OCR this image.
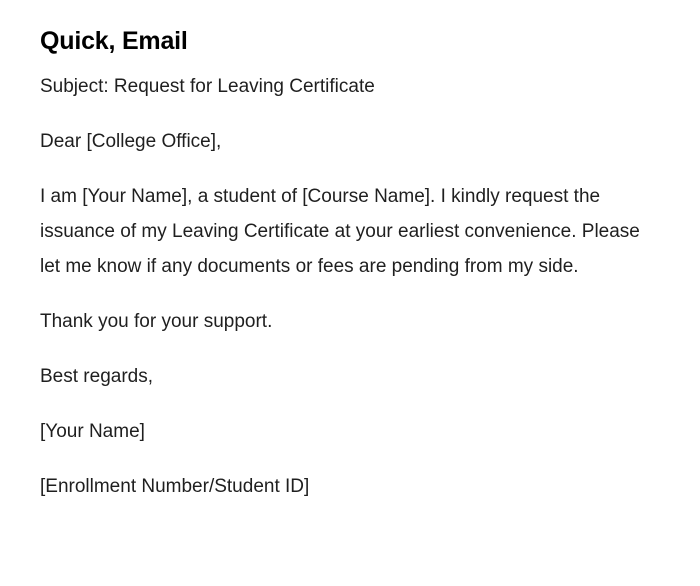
Quick, Email

Subject: Request for Leaving Certificate

Dear [College Office],

I am [Your Name], a student of [Course Name]. I kindly request the issuance of my Leaving Certificate at your earliest convenience. Please let me know if any documents or fees are pending from my side.

Thank you for your support.

Best regards,

[Your Name]

[Enrollment Number/Student ID]
